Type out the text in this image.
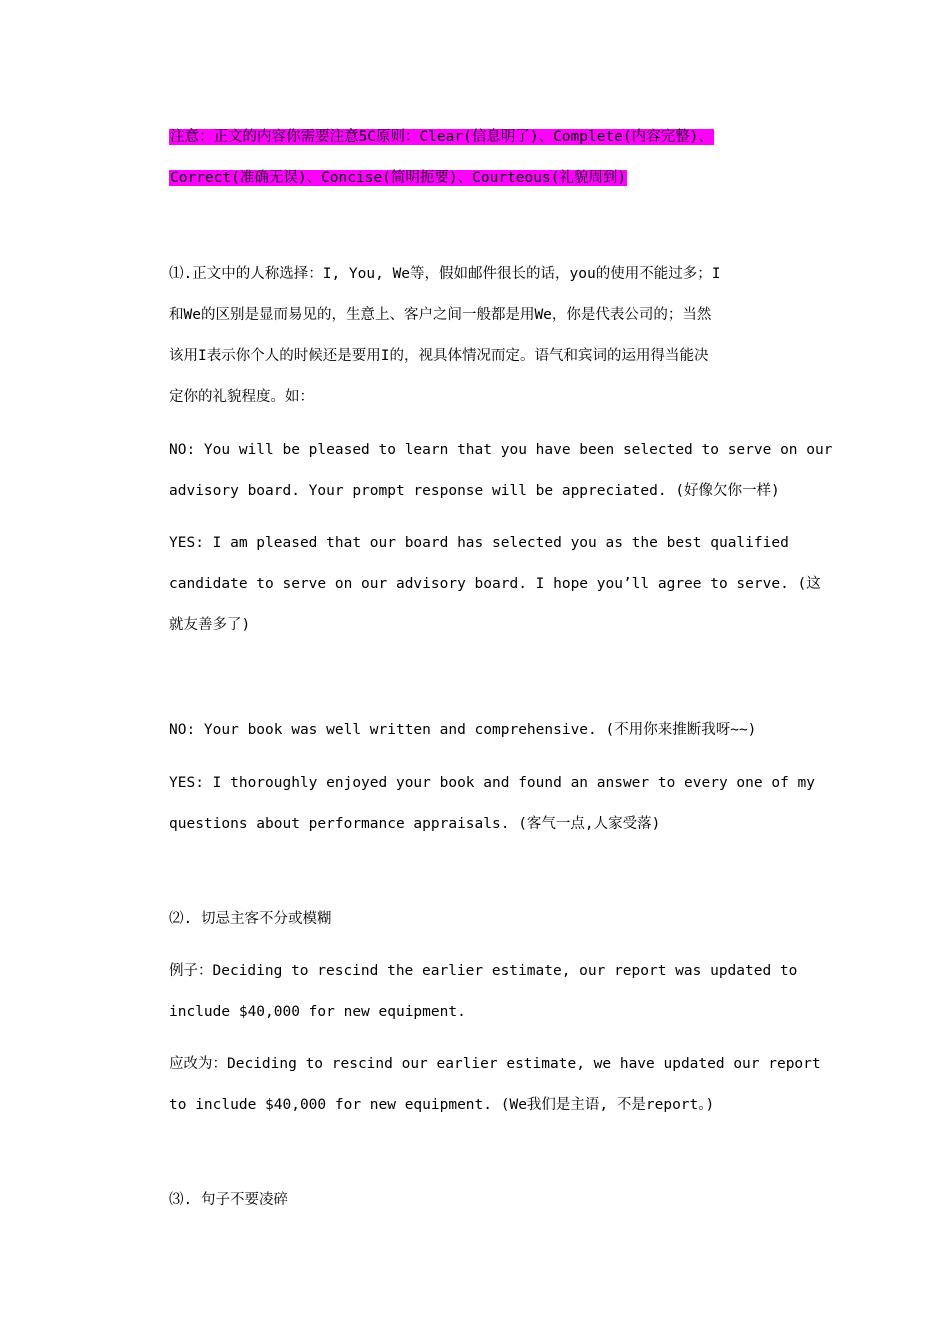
注意：正文的内容你需要注意5C原则：Clear(信息明了)、Complete(内容完整)、
Correct(准确无误)、Concise(简明扼要)、Courteous(礼貌周到)
⑴.正文中的人称选择：I, You, We等，假如邮件很长的话，you的使用不能过多；I
和We的区别是显而易见的，生意上、客户之间一般都是用We，你是代表公司的；当然
该用I表示你个人的时候还是要用I的，视具体情况而定。语气和宾词的运用得当能决
定你的礼貌程度。如：
NO: You will be pleased to learn that you have been selected to serve on our
advisory board. Your prompt response will be appreciated. (好像欠你一样)
YES: I am pleased that our board has selected you as the best qualified
candidate to serve on our advisory board. I hope you’ll agree to serve. (这
就友善多了)
NO: Your book was well written and comprehensive. (不用你来推断我呀~~)
YES: I thoroughly enjoyed your book and found an answer to every one of my
questions about performance appraisals. (客气一点,人家受落)
⑵. 切忌主客不分或模糊
例子：Deciding to rescind the earlier estimate, our report was updated to
include $40,000 for new equipment.
应改为：Deciding to rescind our earlier estimate, we have updated our report
to include $40,000 for new equipment. (We我们是主语, 不是report。)
⑶. 句子不要凌碎
